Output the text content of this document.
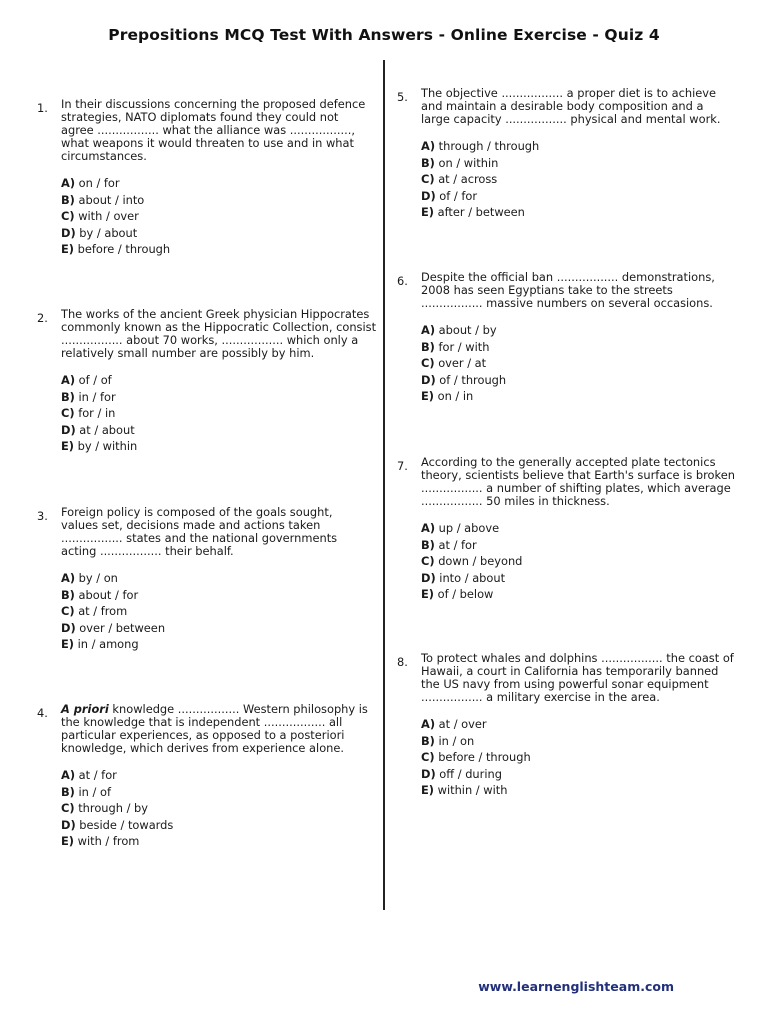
Prepositions MCQ Test With Answers - Online Exercise - Quiz 4
1. In their discussions concerning the proposed defence strategies, NATO diplomats found they could not agree ................. what the alliance was ................., what weapons it would threaten to use and in what circumstances.

A) on / for
B) about / into
C) with / over
D) by / about
E) before / through
2. The works of the ancient Greek physician Hippocrates commonly known as the Hippocratic Collection, consist ................. about 70 works, ................. which only a relatively small number are possibly by him.

A) of / of
B) in / for
C) for / in
D) at / about
E) by / within
3. Foreign policy is composed of the goals sought, values set, decisions made and actions taken ................. states and the national governments acting ................. their behalf.

A) by / on
B) about / for
C) at / from
D) over / between
E) in / among
4. A priori knowledge ................. Western philosophy is the knowledge that is independent ................. all particular experiences, as opposed to a posteriori knowledge, which derives from experience alone.

A) at / for
B) in / of
C) through / by
D) beside / towards
E) with / from
5. The objective ................. a proper diet is to achieve and maintain a desirable body composition and a large capacity ................. physical and mental work.

A) through / through
B) on / within
C) at / across
D) of / for
E) after / between
6. Despite the official ban ................. demonstrations, 2008 has seen Egyptians take to the streets ................. massive numbers on several occasions.

A) about / by
B) for / with
C) over / at
D) of / through
E) on / in
7. According to the generally accepted plate tectonics theory, scientists believe that Earth's surface is broken ................. a number of shifting plates, which average ................. 50 miles in thickness.

A) up / above
B) at / for
C) down / beyond
D) into / about
E) of / below
8. To protect whales and dolphins ................. the coast of Hawaii, a court in California has temporarily banned the US navy from using powerful sonar equipment ................. a military exercise in the area.

A) at / over
B) in / on
C) before / through
D) off / during
E) within / with
www.learnenglishteam.com
